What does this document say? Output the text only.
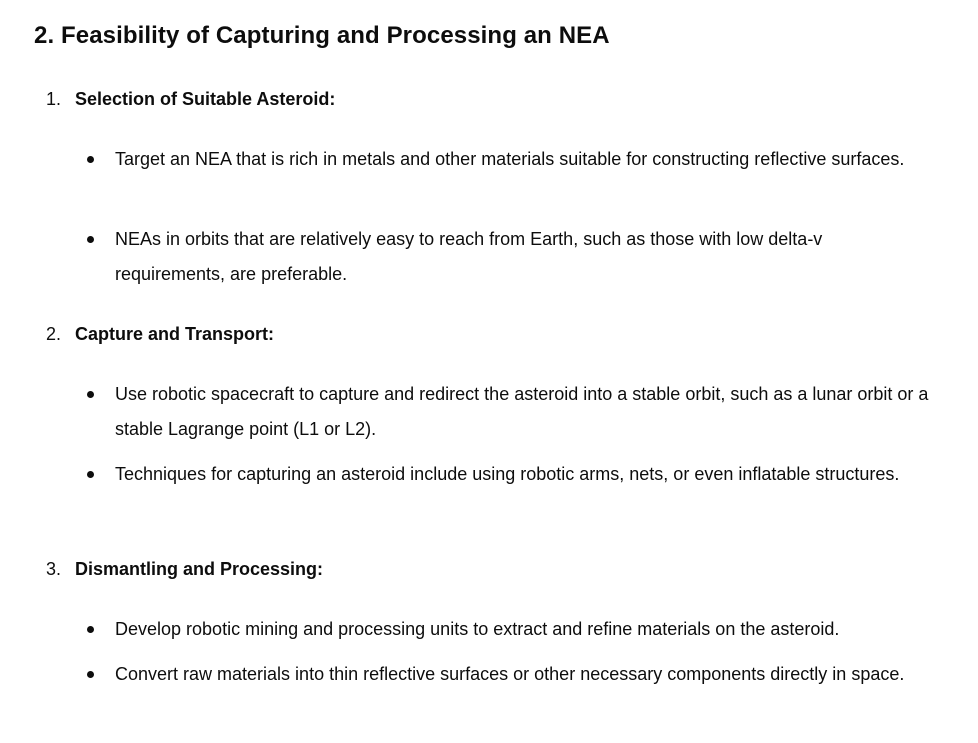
2. Feasibility of Capturing and Processing an NEA
1. Selection of Suitable Asteroid:
Target an NEA that is rich in metals and other materials suitable for constructing reflective surfaces.
NEAs in orbits that are relatively easy to reach from Earth, such as those with low delta-v requirements, are preferable.
2. Capture and Transport:
Use robotic spacecraft to capture and redirect the asteroid into a stable orbit, such as a lunar orbit or a stable Lagrange point (L1 or L2).
Techniques for capturing an asteroid include using robotic arms, nets, or even inflatable structures.
3. Dismantling and Processing:
Develop robotic mining and processing units to extract and refine materials on the asteroid.
Convert raw materials into thin reflective surfaces or other necessary components directly in space.
